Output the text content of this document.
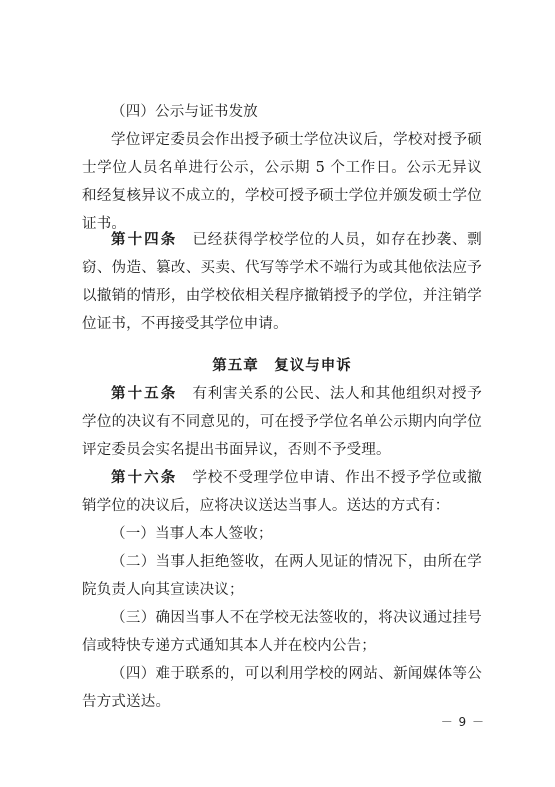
（四）公示与证书发放

学位评定委员会作出授予硕士学位决议后，学校对授予硕士学位人员名单进行公示，公示期 5 个工作日。公示无异议和经复核异议不成立的，学校可授予硕士学位并颁发硕士学位证书。

第十四条　 已经获得学校学位的人员，如存在抄袭、剽窃、伪造、篡改、买卖、代写等学术不端行为或其他依法应予以撤销的情形，由学校依相关程序撤销授予的学位，并注销学位证书，不再接受其学位申请。

第五章　复议与申诉

第十五条　 有利害关系的公民、法人和其他组织对授予学位的决议有不同意见的，可在授予学位名单公示期内向学位评定委员会实名提出书面异议，否则不予受理。

第十六条　 学校不受理学位申请、作出不授予学位或撤销学位的决议后，应将决议送达当事人。送达的方式有：

（一）当事人本人签收；

（二）当事人拒绝签收，在两人见证的情况下，由所在学院负责人向其宣读决议；

（三）确因当事人不在学校无法签收的，将决议通过挂号信或特快专递方式通知其本人并在校内公告；

（四）难于联系的，可以利用学校的网站、新闻媒体等公告方式送达。

－ 9 －
